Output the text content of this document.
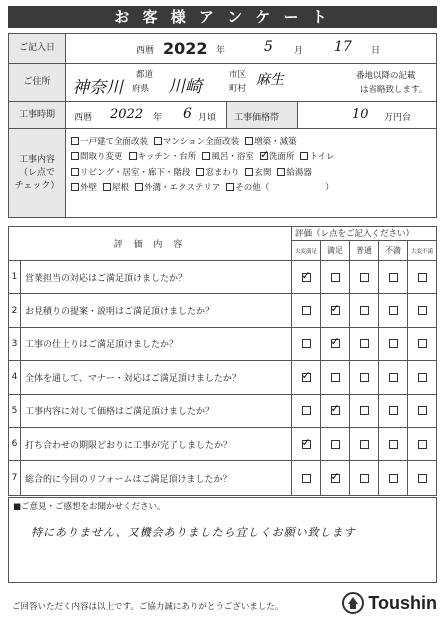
お 客 様 ア ン ケ ー ト
ご記入日	西暦 2022 年	5 月 17 日
ご住所	神奈川
都道
府県 川崎
市区
町村
麻生	番地以降の記載
は省略致します。
工事時期	西暦 2022 年 6 月頃 工事価格帯	10 万円台
工事内容
（レ点で
チェック）
一戸建て全面改装	マンション全面改装	増築・減築
間取り変更	キッチン・台所	風呂・浴室
✓	洗面所	トイレ
リビング・居室・廊下・階段	窓まわり	玄関	給湯器
外壁	屋根	外溝・エクステリア	その他（	）
評 価 内 容
評価（レ点をご記入ください）
大変満足	満足	普通	不満	大変不満
1 営業担当の対応はご満足頂けましたか？
✓
2 お見積りの提案・説明はご満足頂けましたか？
✓
3 工事の仕上りはご満足頂けましたか？
✓
4 全体を通して、マナー・対応はご満足頂けましたか？
✓
5 工事内容に対して価格はご満足頂けましたか？
✓
6 打ち合わせの期限どおりに工事が完了しましたか？
✓
7 総合的に今回のリフォームはご満足頂けましたか？
✓
■ご意見・ご感想をお聞かせください。
特にありません、又機会ありましたら宜しくお願い致します
ご回答いただく内容は以上です。ご協力誠にありがとうございました。	Toushin
